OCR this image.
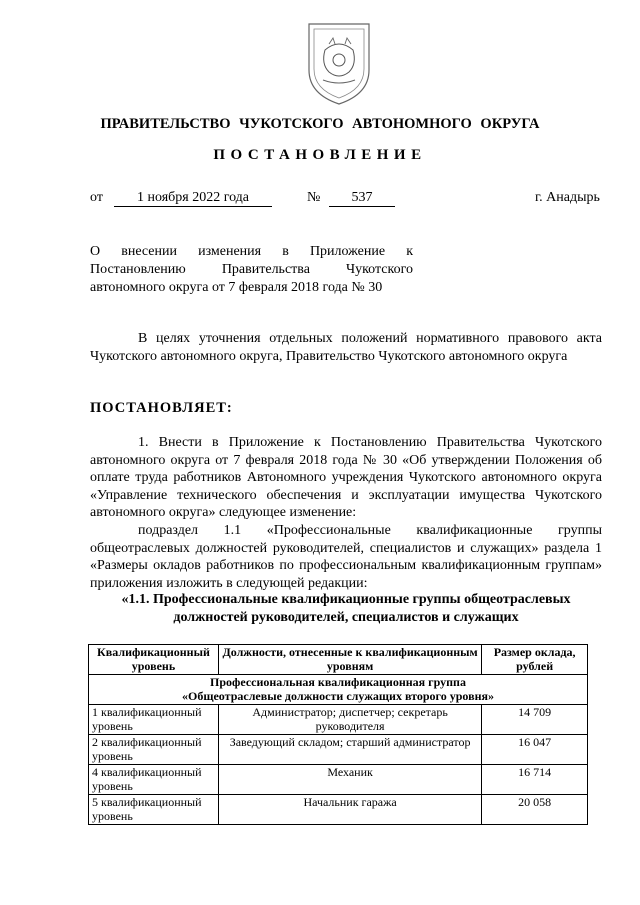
ПРАВИТЕЛЬСТВО ЧУКОТСКОГО АВТОНОМНОГО ОКРУГА
ПОСТАНОВЛЕНИЕ
от	1 ноября 2022 года	№	537	г. Анадырь
О внесении изменения в Приложение к Постановлению Правительства Чукотского автономного округа от 7 февраля 2018 года № 30
В целях уточнения отдельных положений нормативного правового акта Чукотского автономного округа, Правительство Чукотского автономного округа
ПОСТАНОВЛЯЕТ:
1. Внести в Приложение к Постановлению Правительства Чукотского автономного округа от 7 февраля 2018 года № 30 «Об утверждении Положения об оплате труда работников Автономного учреждения Чукотского автономного округа «Управление технического обеспечения и эксплуатации имущества Чукотского автономного округа» следующее изменение:
подраздел 1.1 «Профессиональные квалификационные группы общеотраслевых должностей руководителей, специалистов и служащих» раздела 1 «Размеры окладов работников по профессиональным квалификационным группам» приложения изложить в следующей редакции:
«1.1. Профессиональные квалификационные группы общеотраслевых должностей руководителей, специалистов и служащих
Квалификационный уровень	Должности, отнесенные к квалификационным уровням	Размер оклада, рублей

Профессиональная квалификационная группа
«Общеотраслевые должности служащих второго уровня»		

1 квалификационный уровень	Администратор; диспетчер; секретарь руководителя	14 709
2 квалификационный уровень	Заведующий складом; старший администратор	16 047
4 квалификационный уровень	Механик	16 714
5 квалификационный уровень	Начальник гаража	20 058
